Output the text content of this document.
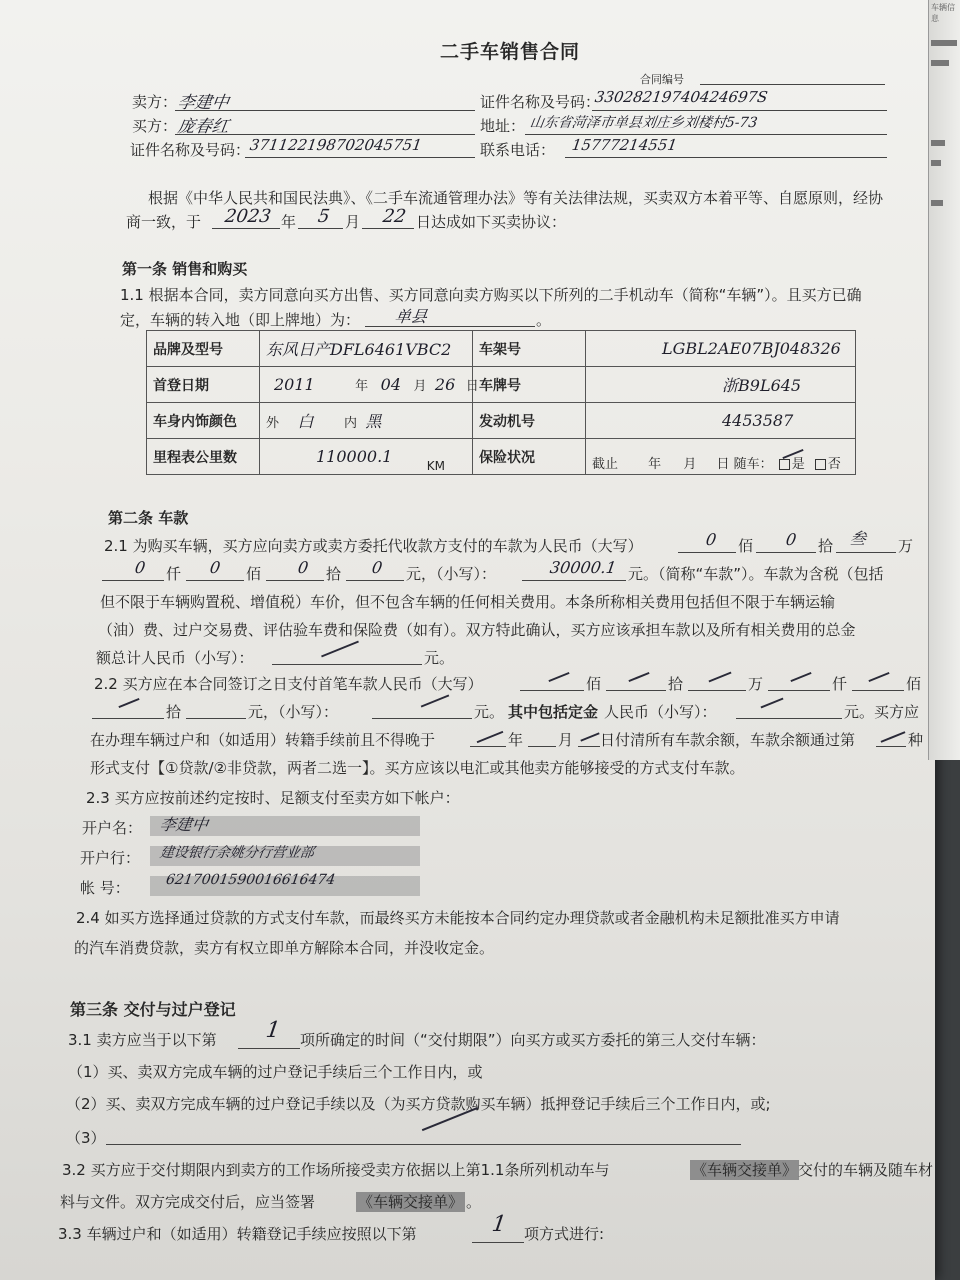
二手车销售合同
合同编号
卖方： 李建中	证件名称及号码：
33028219740424697S
买方： 庞春红	地址： 山东省菏泽市单县刘庄乡刘楼村5-73
证件名称及号码：
371122198702045751	联系电话： 15777214551
根据《中华人民共和国民法典》、《二手车流通管理办法》等有关法律法规，买卖双方本着平等、自愿原则，经协
商一致，于 2023 年 5 月 22 日达成如下买卖协议：
第一条 销售和购买
1.1 根据本合同，卖方同意向买方出售、买方同意向卖方购买以下所列的二手机动车（简称“车辆”）。且买方已确
定，车辆的转入地（即上牌地）为： 单县	。
品牌及型号	东风日产DFL6461VBC2	车架号	LGBL2AE07BJ048326
首登日期	2011 年 04 月 26 日	车牌号	浙B9L645
车身内饰颜色	外 白 内 黑	发动机号	4453587
里程表公里数	110000.1 KM	保险状况	截止 年 月 日 随车： 是 否
第二条 车款
2.1 为购买车辆，买方应向卖方或卖方委托代收款方支付的车款为人民币（大写）	0 佰 0 拾 叁 万
0 仟 0 佰 0 拾 0 元，（小写）：	30000.1 元。（简称“车款”）。车款为含税（包括
但不限于车辆购置税、增值税）车价，但不包含车辆的任何相关费用。本条所称相关费用包括但不限于车辆运输
（油）费、过户交易费、评估验车费和保险费（如有）。双方特此确认，买方应该承担车款以及所有相关费用的总金
额总计人民币（小写）：	元。
2.2 买方应在本合同签订之日支付首笔车款人民币（大写）	佰	拾	万	仟	佰
拾	元，（小写）：	元。 其中包括定金 人民币（小写）：	元。买方应
在办理车辆过户和（如适用）转籍手续前且不得晚于	年 月 日付清所有车款余额，车款余额通过第	种
形式支付【①贷款/②非贷款，两者二选一】。买方应该以电汇或其他卖方能够接受的方式支付车款。
2.3 买方应按前述约定按时、足额支付至卖方如下帐户：
开户名： 李建中
开户行： 建设银行余姚分行营业部
帐 号：	6217001590016616474
2.4 如买方选择通过贷款的方式支付车款，而最终买方未能按本合同约定办理贷款或者金融机构未足额批准买方申请
的汽车消费贷款，卖方有权立即单方解除本合同，并没收定金。
第三条 交付与过户登记
3.1 卖方应当于以下第 1 项所确定的时间（“交付期限”）向买方或买方委托的第三人交付车辆：
（1）买、卖双方完成车辆的过户登记手续后三个工作日内，或
（2）买、卖双方完成车辆的过户登记手续以及（为买方贷款购买车辆）抵押登记手续后三个工作日内，或;
（3）
3.2 买方应于交付期限内到卖方的工作场所接受卖方依据以上第1.1条所列机动车与	《车辆交接单》 交付的车辆及随车材
料与文件。双方完成交付后，应当签署	《车辆交接单》 。
3.3 车辆过户和（如适用）转籍登记手续应按照以下第	1 项方式进行:
车辆信息
